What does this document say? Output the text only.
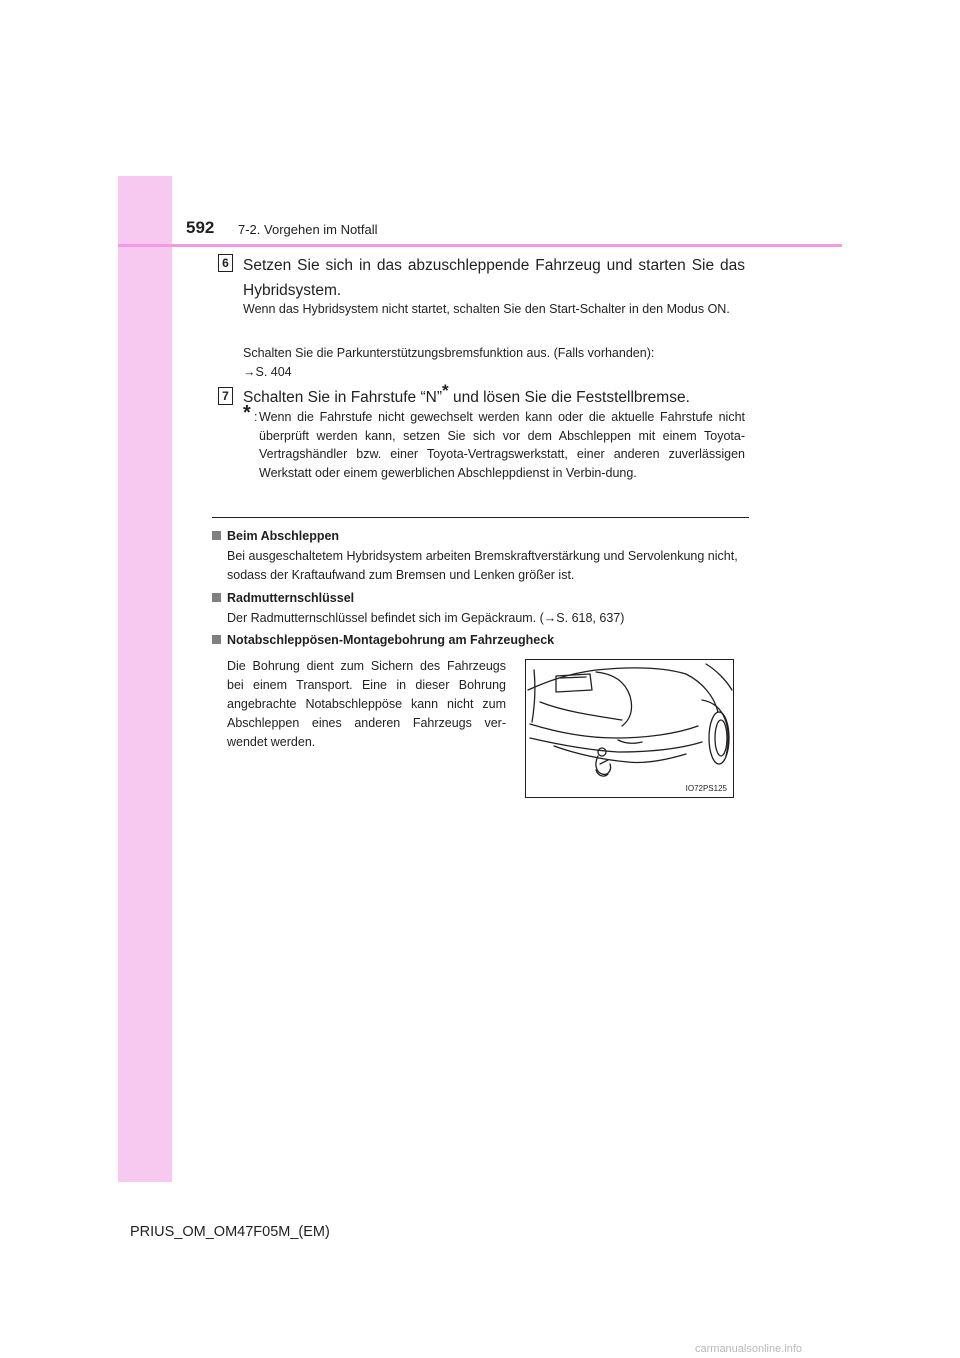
592 7-2. Vorgehen im Notfall
6 Setzen Sie sich in das abzuschleppende Fahrzeug und starten Sie das Hybridsystem.
Wenn das Hybridsystem nicht startet, schalten Sie den Start-Schalter in den Modus ON.
Schalten Sie die Parkunterstützungsbremsfunktion aus. (Falls vorhanden):
→S. 404
7 Schalten Sie in Fahrstufe “N”* und lösen Sie die Feststellbremse.
* : Wenn die Fahrstufe nicht gewechselt werden kann oder die aktuelle Fahrstufe nicht überprüft werden kann, setzen Sie sich vor dem Abschleppen mit einem Toyota-Vertragshändler bzw. einer Toyota-Vertragswerkstatt, einer anderen zuverlässigen Werkstatt oder einem gewerblichen Abschleppdienst in Verbin-dung.
Beim Abschleppen
Bei ausgeschaltetem Hybridsystem arbeiten Bremskraftverstärkung und Servolenkung nicht, sodass der Kraftaufwand zum Bremsen und Lenken größer ist.
Radmutternschlüssel
Der Radmutternschlüssel befindet sich im Gepäckraum. (→S. 618, 637)
Notabschleppösen-Montagebohrung am Fahrzeugheck
Die Bohrung dient zum Sichern des Fahrzeugs bei einem Transport. Eine in dieser Bohrung angebrachte Notabschleppöse kann nicht zum Abschleppen eines anderen Fahrzeugs ver-wendet werden.
IO72PS125
PRIUS_OM_OM47F05M_(EM)
carmanualsonline.info
